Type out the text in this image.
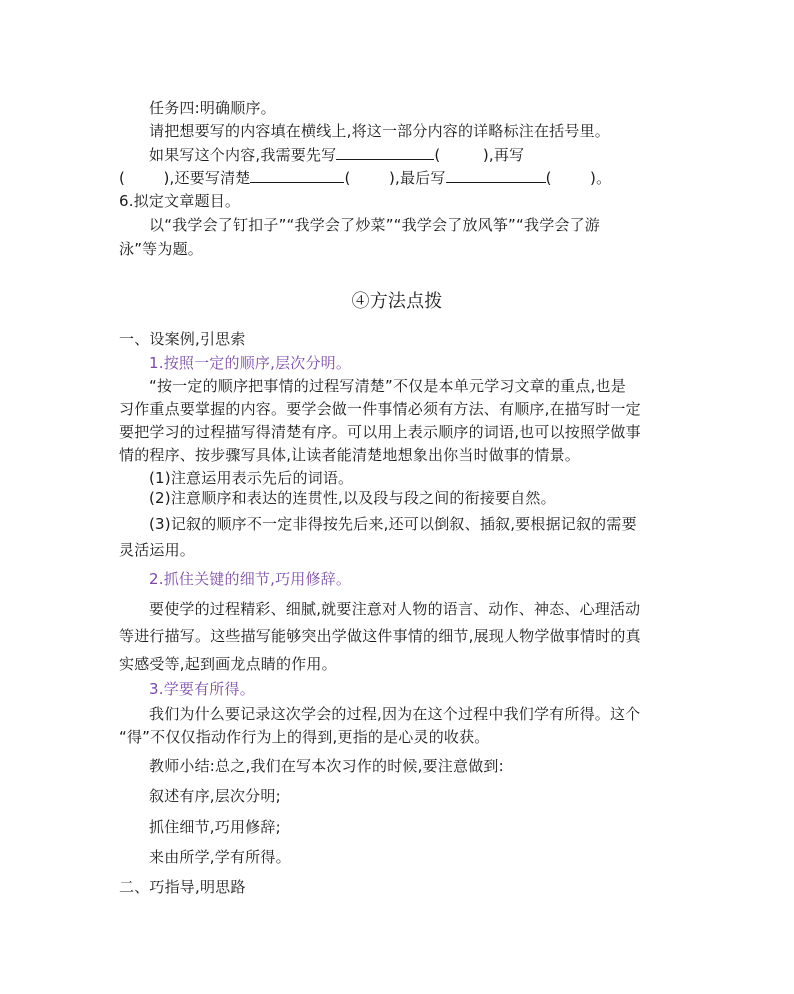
任务四:明确顺序。
请把想要写的内容填在横线上,将这一部分内容的详略标注在括号里。
如果写这个内容,我需要先写	(　　),再写
(　　),还要写清楚	(　　),最后写	(　　)。
6.拟定文章题目。
以“我学会了钉扣子”“我学会了炒菜”“我学会了放风筝”“我学会了游
泳”等为题。
④方法点拨
一、设案例,引思索
1.按照一定的顺序,层次分明。
“按一定的顺序把事情的过程写清楚”不仅是本单元学习文章的重点,也是
习作重点要掌握的内容。要学会做一件事情必须有方法、有顺序,在描写时一定
要把学习的过程描写得清楚有序。可以用上表示顺序的词语,也可以按照学做事
情的程序、按步骤写具体,让读者能清楚地想象出你当时做事的情景。
(1)注意运用表示先后的词语。
(2)注意顺序和表达的连贯性,以及段与段之间的衔接要自然。
(3)记叙的顺序不一定非得按先后来,还可以倒叙、插叙,要根据记叙的需要
灵活运用。
2.抓住关键的细节,巧用修辞。
要使学的过程精彩、细腻,就要注意对人物的语言、动作、神态、心理活动
等进行描写。这些描写能够突出学做这件事情的细节,展现人物学做事情时的真
实感受等,起到画龙点睛的作用。
3.学要有所得。
我们为什么要记录这次学会的过程,因为在这个过程中我们学有所得。这个
“得”不仅仅指动作行为上的得到,更指的是心灵的收获。
教师小结:总之,我们在写本次习作的时候,要注意做到:
叙述有序,层次分明;
抓住细节,巧用修辞;
来由所学,学有所得。
二、巧指导,明思路
